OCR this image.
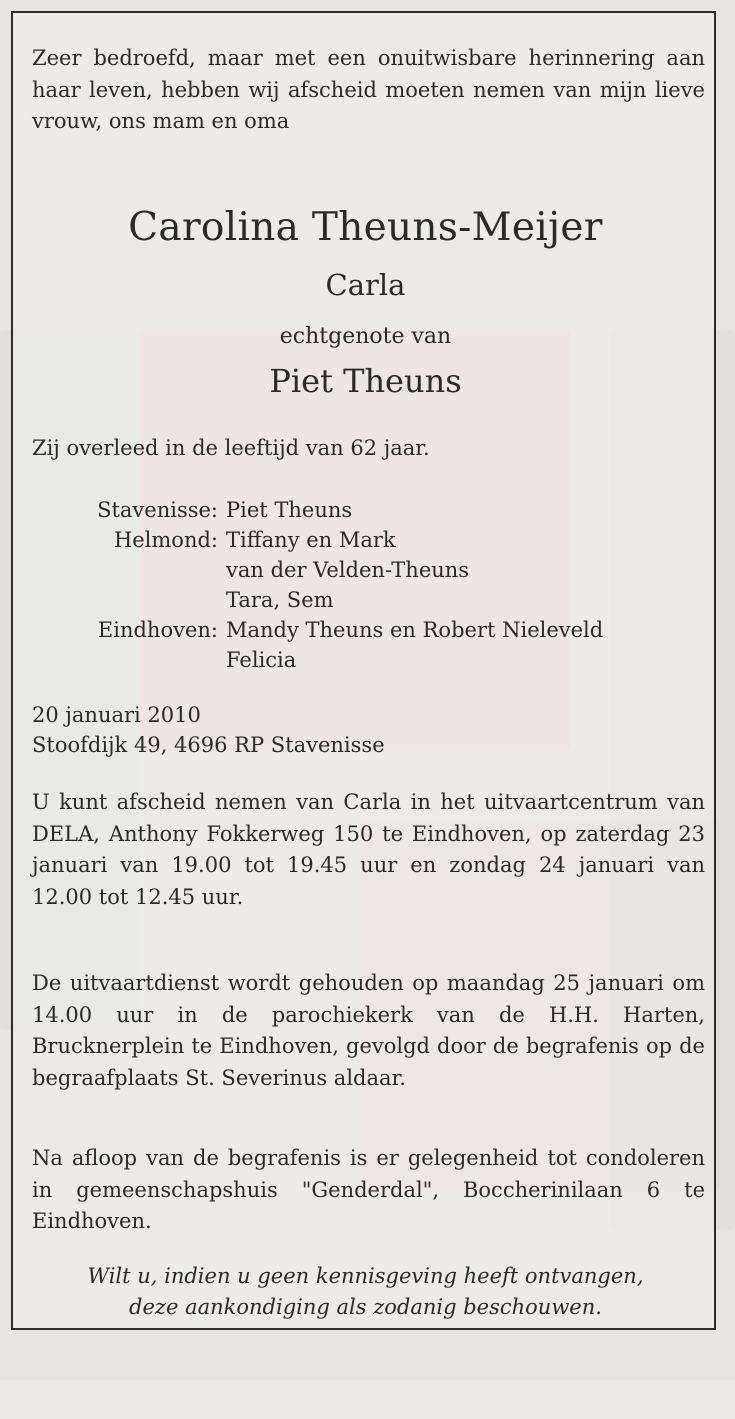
Zeer bedroefd, maar met een onuitwisbare herinnering aan haar leven, hebben wij afscheid moeten nemen van mijn lieve vrouw, ons mam en oma
Carolina Theuns-Meijer
Carla
echtgenote van
Piet Theuns
Zij overleed in de leeftijd van 62 jaar.
Stavenisse: Piet Theuns
Helmond: Tiffany en Mark
van der Velden-Theuns
Tara, Sem
Eindhoven: Mandy Theuns en Robert Nieleveld
Felicia
20 januari 2010
Stoofdijk 49, 4696 RP Stavenisse
U kunt afscheid nemen van Carla in het uitvaartcentrum van DELA, Anthony Fokkerweg 150 te Eindhoven, op zaterdag 23 januari van 19.00 tot 19.45 uur en zondag 24 januari van 12.00 tot 12.45 uur.
De uitvaartdienst wordt gehouden op maandag 25 januari om 14.00 uur in de parochiekerk van de H.H. Harten, Brucknerplein te Eindhoven, gevolgd door de begrafenis op de begraafplaats St. Severinus aldaar.
Na afloop van de begrafenis is er gelegenheid tot condoleren in gemeenschapshuis "Genderdal", Boccherinilaan 6 te Eindhoven.
Wilt u, indien u geen kennisgeving heeft ontvangen,
deze aankondiging als zodanig beschouwen.
